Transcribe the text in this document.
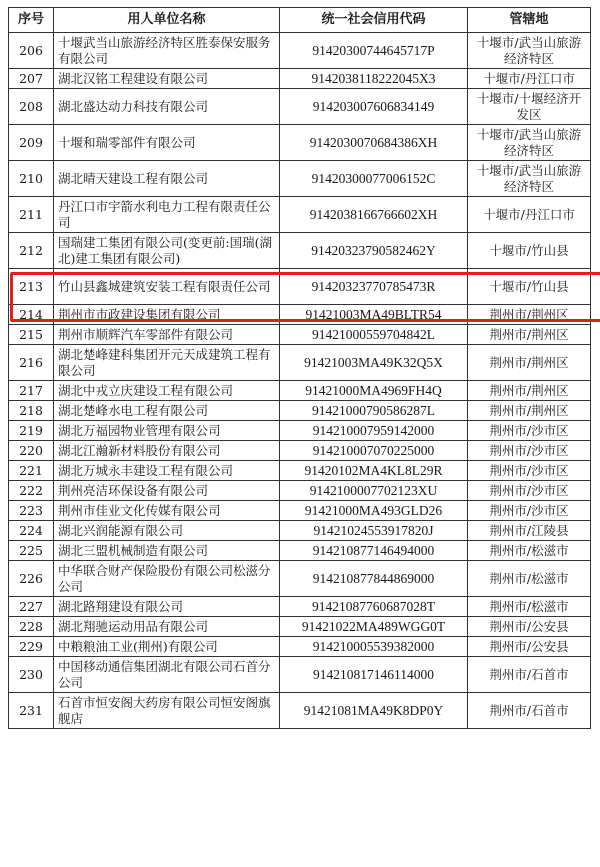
序号	用人单位名称	统一社会信用代码	管辖地
206	十堰武当山旅游经济特区胜泰保安服务有限公司	91420300744645717P	十堰市/武当山旅游经济特区
207	湖北汉铭工程建设有限公司	9142038118222045X3	十堰市/丹江口市
208	湖北盛达动力科技有限公司	914203007606834149	十堰市/十堰经济开发区
209	十堰和瑞零部件有限公司	9142030070684386XH	十堰市/武当山旅游经济特区
210	湖北晴天建设工程有限公司	91420300077006152C	十堰市/武当山旅游经济特区
211	丹江口市宇箭水利电力工程有限责任公司	9142038166766602XH	十堰市/丹江口市
212	国瑞建工集团有限公司(变更前:国瑞(湖北)建工集团有限公司)	91420323790582462Y	十堰市/竹山县
213	竹山县鑫城建筑安装工程有限责任公司	91420323770785473R	十堰市/竹山县
214	荆州市市政建设集团有限公司	91421003MA49BLTR54	荆州市/荆州区
215	荆州市顺辉汽车零部件有限公司	91421000559704842L	荆州市/荆州区
216	湖北楚峰建科集团开元天成建筑工程有限公司	91421003MA49K32Q5X	荆州市/荆州区
217	湖北中戎立庆建设工程有限公司	91421000MA4969FH4Q	荆州市/荆州区
218	湖北楚峰水电工程有限公司	91421000790586287L	荆州市/荆州区
219	湖北万福园物业管理有限公司	914210007959142000	荆州市/沙市区
220	湖北江瀚新材料股份有限公司	914210007070225000	荆州市/沙市区
221	湖北万城永丰建设工程有限公司	91420102MA4KL8L29R	荆州市/沙市区
222	荆州亮洁环保设备有限公司	9142100007702123XU	荆州市/沙市区
223	荆州市佳业文化传媒有限公司	91421000MA493GLD26	荆州市/沙市区
224	湖北兴润能源有限公司	91421024553917820J	荆州市/江陵县
225	湖北三盟机械制造有限公司	914210877146494000	荆州市/松滋市
226	中华联合财产保险股份有限公司松滋分公司	914210877844869000	荆州市/松滋市
227	湖北路翔建设有限公司	91421087760687028T	荆州市/松滋市
228	湖北翔驰运动用品有限公司	91421022MA489WGG0T	荆州市/公安县
229	中粮粮油工业(荆州)有限公司	914210005539382000	荆州市/公安县
230	中国移动通信集团湖北有限公司石首分公司	914210817146114000	荆州市/石首市
231	石首市恒安阁大药房有限公司恒安阁旗舰店	91421081MA49K8DP0Y	荆州市/石首市
